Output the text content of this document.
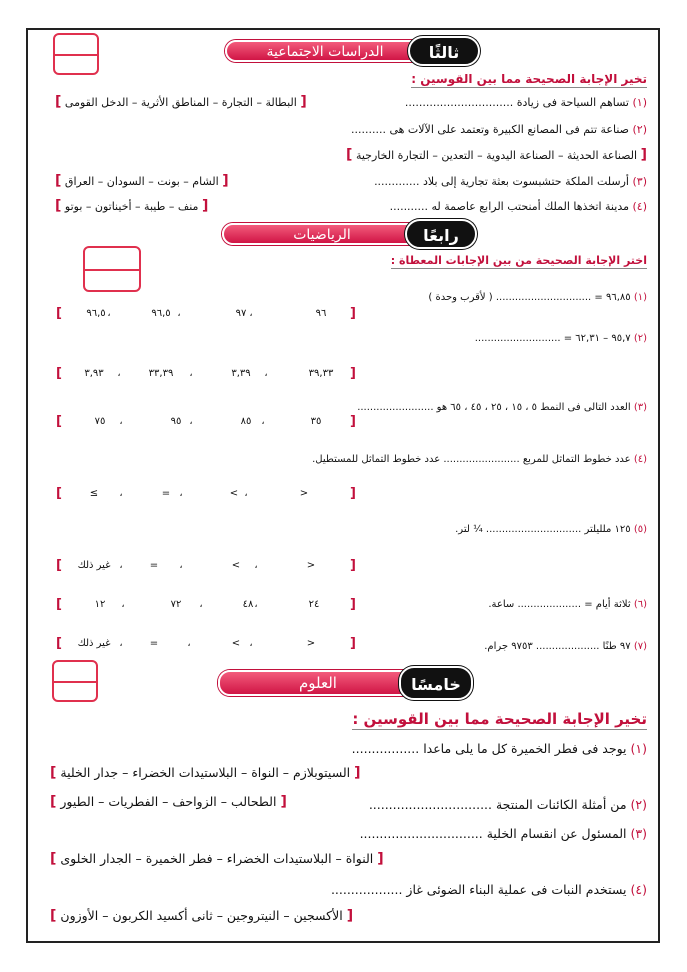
الدراسات الاجتماعية	ثالثًا
تخير الإجابة الصحيحة مما بين القوسين :
(١) تساهم السياحة فى زيادة ...............................
[ البطالة – التجارة – المناطق الأثرية – الدخل القومى ]
(٢) صناعة تتم فى المصانع الكبيرة وتعتمد على الآلات هى ..........
[ الصناعة الحديثة – الصناعة اليدوية – التعدين – التجارة الخارجية ]
(٣) أرسلت الملكة حتشبسوت بعثة تجارية إلى بلاد .............
[ الشام – بونت – السودان – العراق ]
(٤) مدينة اتخذها الملك أمنحتب الرابع عاصمة له ...........
[ منف – طيبة – أخيناتون – بوتو ]
الرياضيات	رابعًا
اختر الإجابة الصحيحة من بين الإجابات المعطاة :
(١) ٩٦,٨٥ = .............................. ( لأقرب وحدة )
]	٩٦
،
٩٧
،
٩٦,٥
،
٩٦,٥	[
(٢) ٩٥,٧ – ٦٢,٣١ = ...........................
]	٣٩,٣٣
،
٣,٣٩
،
٣٣,٣٩
،
٣,٩٣	[
(٣) العدد التالى فى النمط ٥ ، ١٥ ، ٢٥ ، ٤٥ ، ٦٥ هو ........................
]	٣٥
،
٨٥
،
٩٥
،
٧٥	[
(٤) عدد خطوط التماثل للمربع ........................ عدد خطوط التماثل للمستطيل.
]	<
،
>
،
=
،
≥	[
(٥) ١٢٥ ملليلتر .............................. ¼ لتر.
]	<
،
>
،
=
،
غير ذلك	[
(٦) ثلاثة أيام = .................... ساعة.
]	٢٤
،
٤٨
،
٧٢
،
١٢	[
(٧) ٩٧ طنًا .................... ٩٧٥٣ جرام.
]	<
،
>
،
=
،
غير ذلك	[
العلوم	خامسًا
تخير الإجابة الصحيحة مما بين القوسين :
(١) يوجد فى فطر الخميرة كل ما يلى ماعدا .................
[ السيتوبلازم – النواة – البلاستيدات الخضراء – جدار الخلية ]
(٢) من أمثلة الكائنات المنتجة ...............................
[ الطحالب – الزواحف – الفطريات – الطيور ]
(٣) المسئول عن انقسام الخلية ...............................
[ النواة – البلاستيدات الخضراء – فطر الخميرة – الجدار الخلوى ]
(٤) يستخدم النبات فى عملية البناء الضوئى غاز ..................
[ الأكسجين – النيتروجين – ثانى أكسيد الكربون – الأوزون ]
